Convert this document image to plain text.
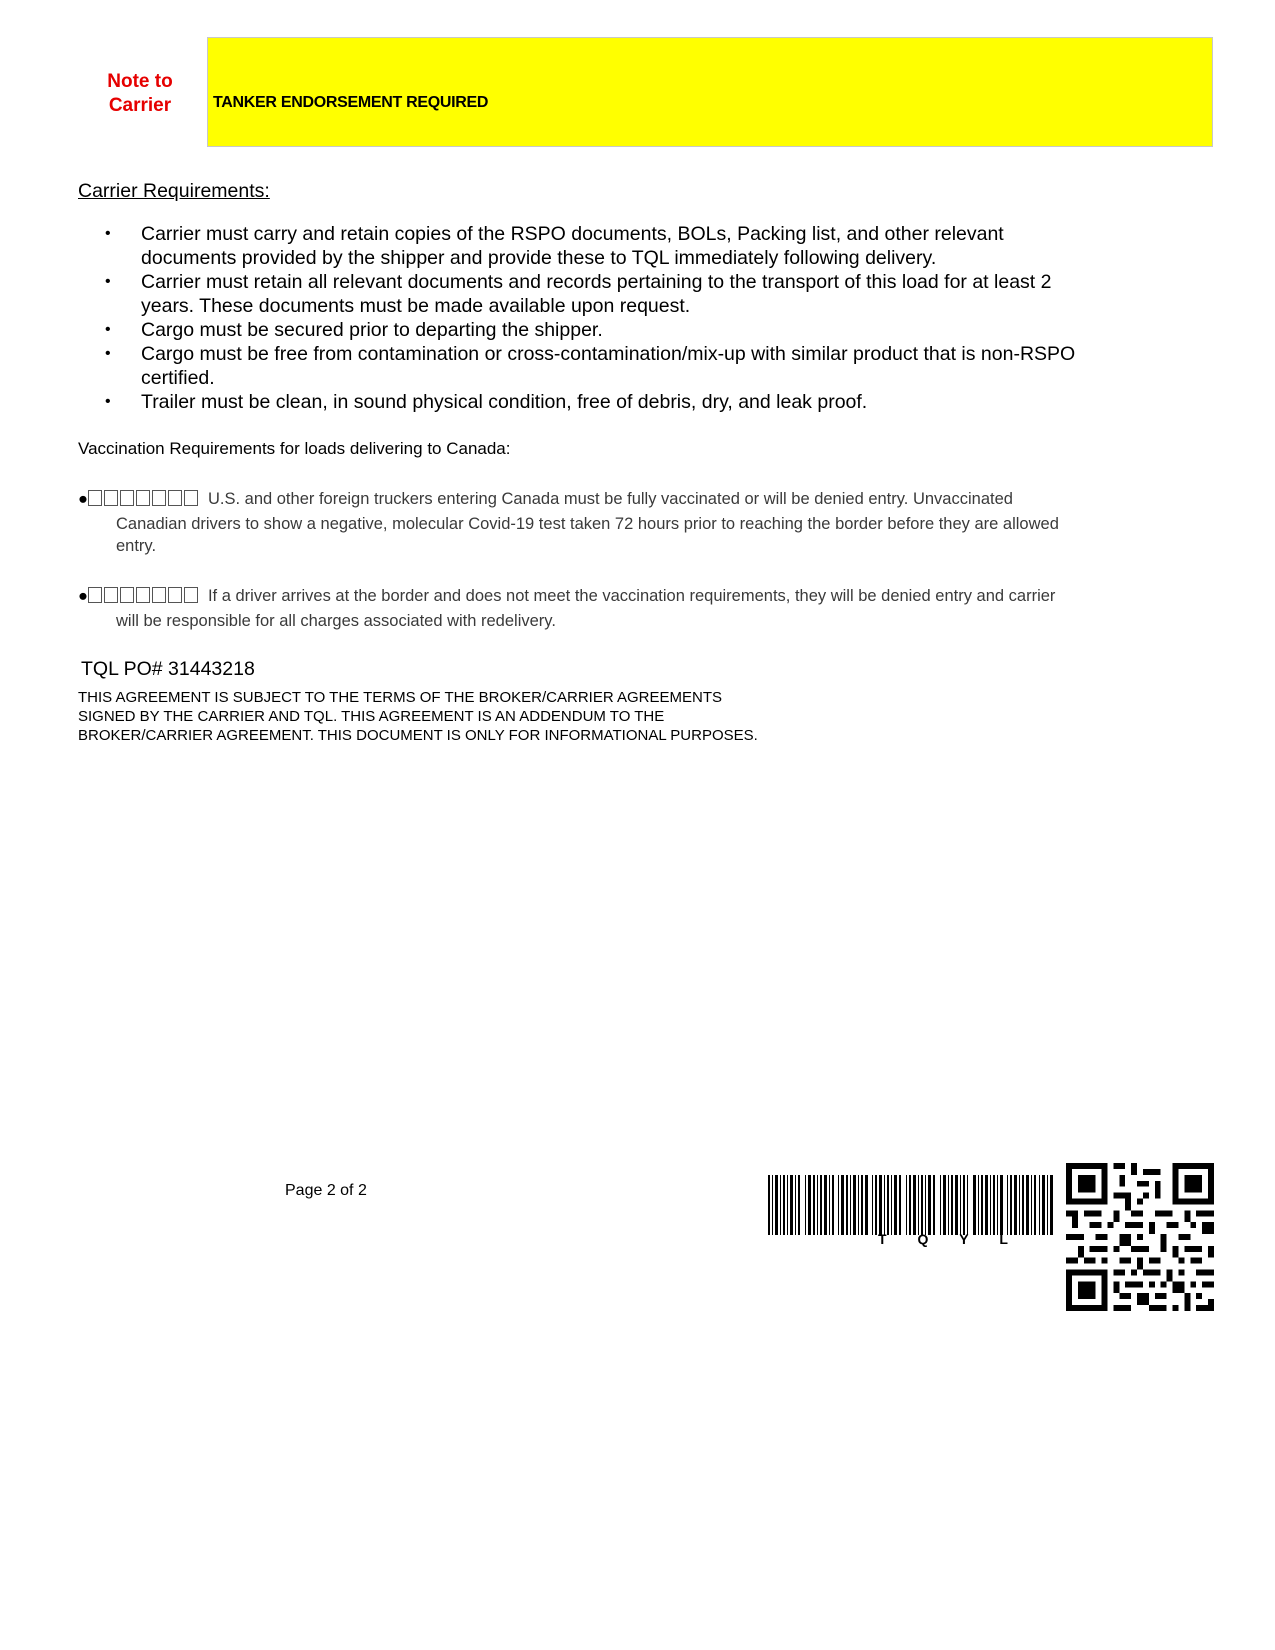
Note to Carrier	TANKER ENDORSEMENT REQUIRED
Carrier Requirements:
• Carrier must carry and retain copies of the RSPO documents, BOLs, Packing list, and other relevant documents provided by the shipper and provide these to TQL immediately following delivery.
• Carrier must retain all relevant documents and records pertaining to the transport of this load for at least 2 years. These documents must be made available upon request.
• Cargo must be secured prior to departing the shipper.
• Cargo must be free from contamination or cross-contamination/mix-up with similar product that is non-RSPO certified.
• Trailer must be clean, in sound physical condition, free of debris, dry, and leak proof.
Vaccination Requirements for loads delivering to Canada:
●	U.S. and other foreign truckers entering Canada must be fully vaccinated or will be denied entry. Unvaccinated Canadian drivers to show a negative, molecular Covid-19 test taken 72 hours prior to reaching the border before they are allowed entry.
●	If a driver arrives at the border and does not meet the vaccination requirements, they will be denied entry and carrier will be responsible for all charges associated with redelivery.
TQL PO# 31443218
THIS AGREEMENT IS SUBJECT TO THE TERMS OF THE BROKER/CARRIER AGREEMENTS SIGNED BY THE CARRIER AND TQL. THIS AGREEMENT IS AN ADDENDUM TO THE BROKER/CARRIER AGREEMENT. THIS DOCUMENT IS ONLY FOR INFORMATIONAL PURPOSES.
Page 2 of 2
T Q Y L
